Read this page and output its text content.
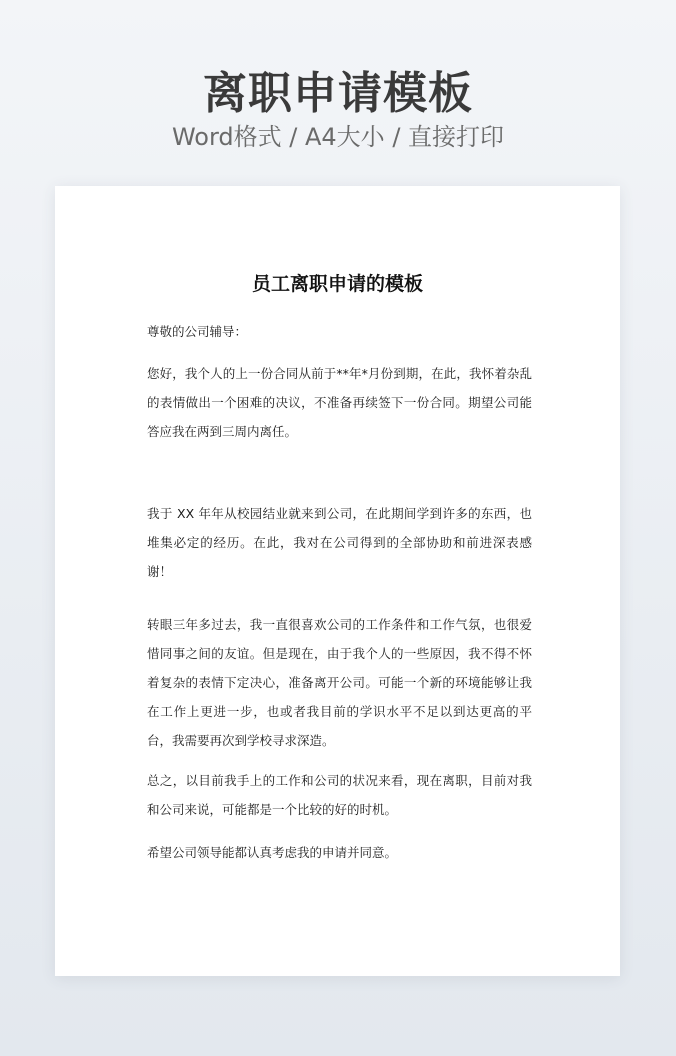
离职申请模板
Word格式 / A4大小 / 直接打印
员工离职申请的模板

尊敬的公司辅导：

您好，我个人的上一份合同从前于**年*月份到期，在此，我怀着杂乱的表情做出一个困难的决议，不准备再续签下一份合同。期望公司能答应我在两到三周内离任。

我于 XX 年年从校园结业就来到公司，在此期间学到许多的东西，也堆集必定的经历。在此，我对在公司得到的全部协助和前进深表感谢！

转眼三年多过去，我一直很喜欢公司的工作条件和工作气氛，也很爱惜同事之间的友谊。但是现在，由于我个人的一些原因，我不得不怀着复杂的表情下定决心，准备离开公司。可能一个新的环境能够让我在工作上更进一步，也或者我目前的学识水平不足以到达更高的平台，我需要再次到学校寻求深造。

总之，以目前我手上的工作和公司的状况来看，现在离职，目前对我和公司来说，可能都是一个比较的好的时机。

希望公司领导能都认真考虑我的申请并同意。
